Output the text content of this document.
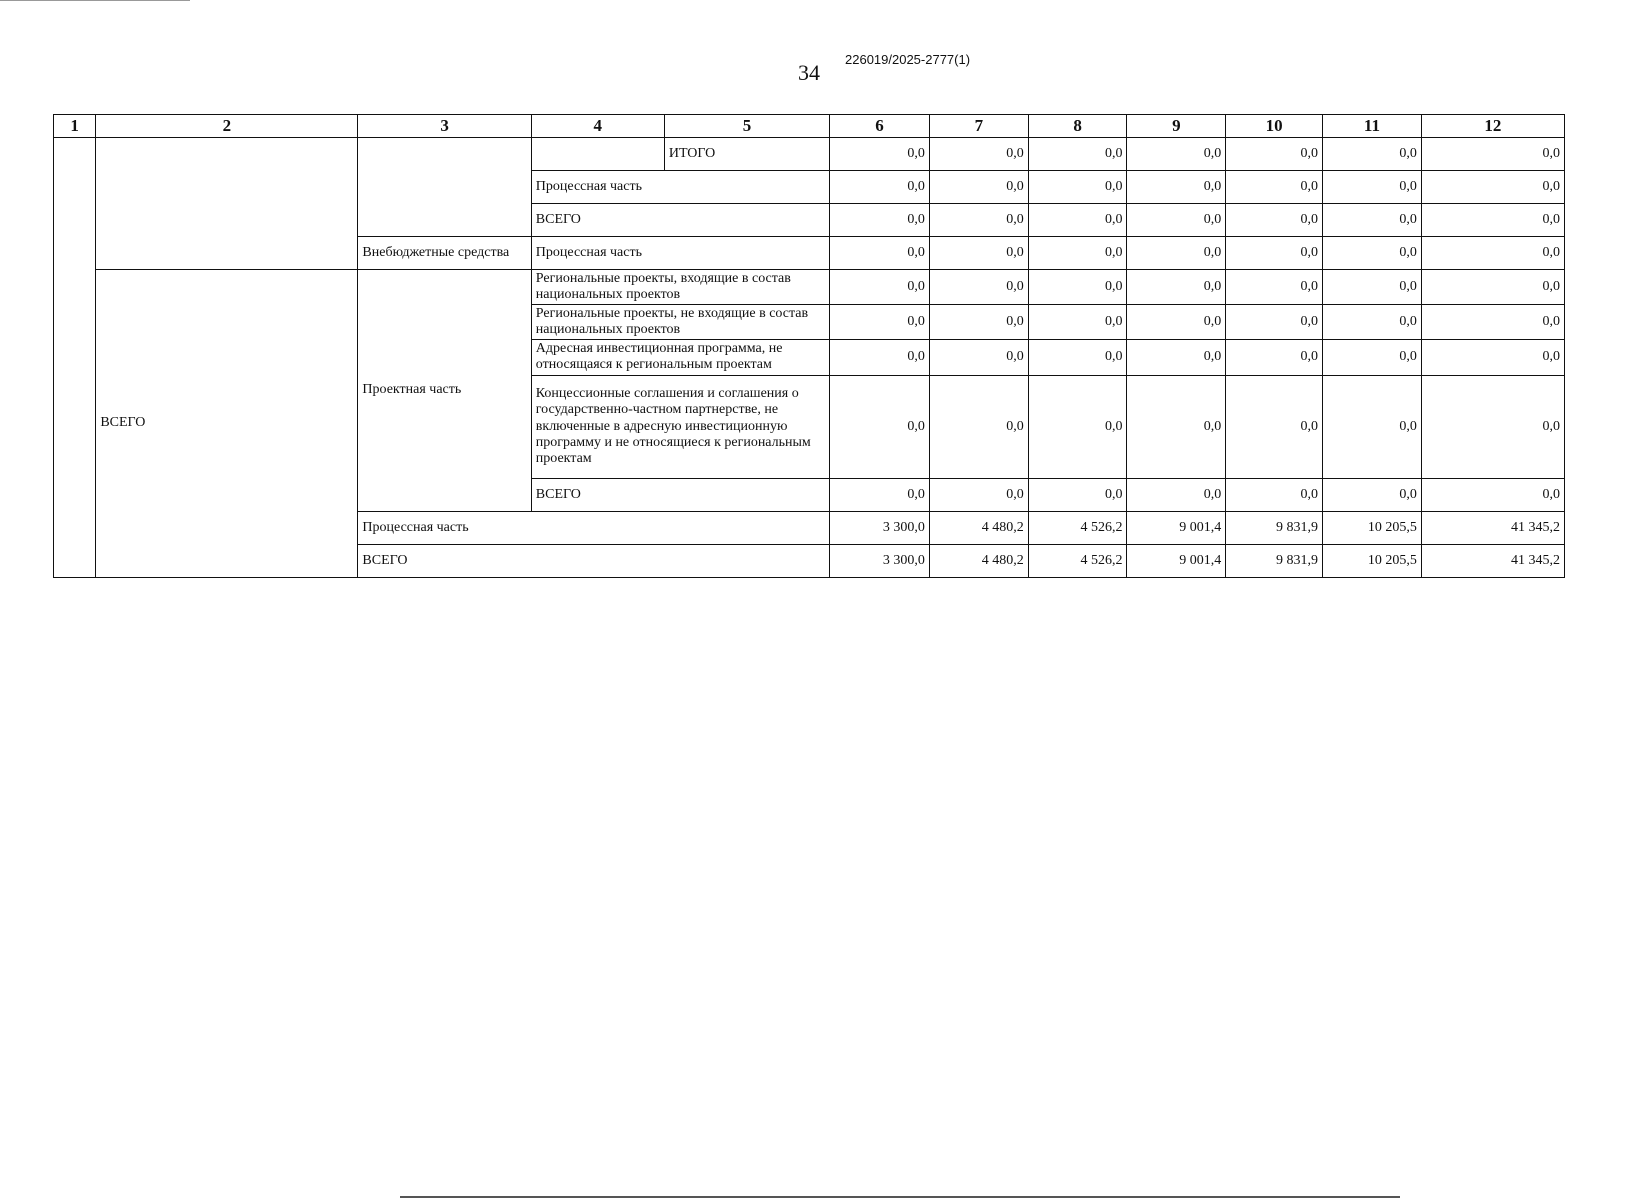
34
226019/2025-2777(1)
1	2	3	4	5	6	7	8	9	10	11	12
				ИТОГО	0,0	0,0	0,0	0,0	0,0	0,0	0,0
			Процессная часть		0,0	0,0	0,0	0,0	0,0	0,0	0,0
			ВСЕГО		0,0	0,0	0,0	0,0	0,0	0,0	0,0
		Внебюджетные средства	Процессная часть		0,0	0,0	0,0	0,0	0,0	0,0	0,0
	ВСЕГО	Проектная часть	Региональные проекты, входящие в состав национальных проектов		0,0	0,0	0,0	0,0	0,0	0,0	0,0
			Региональные проекты, не входящие в состав национальных проектов		0,0	0,0	0,0	0,0	0,0	0,0	0,0
			Адресная инвестиционная программа, не относящаяся к региональным проектам		0,0	0,0	0,0	0,0	0,0	0,0	0,0
			Концессионные соглашения и соглашения о государственно-частном партнерстве, не включенные в адресную инвестиционную программу и не относящиеся к региональным проектам		0,0	0,0	0,0	0,0	0,0	0,0	0,0
			ВСЕГО		0,0	0,0	0,0	0,0	0,0	0,0	0,0
		Процессная часть			3 300,0	4 480,2	4 526,2	9 001,4	9 831,9	10 205,5	41 345,2
		ВСЕГО			3 300,0	4 480,2	4 526,2	9 001,4	9 831,9	10 205,5	41 345,2
